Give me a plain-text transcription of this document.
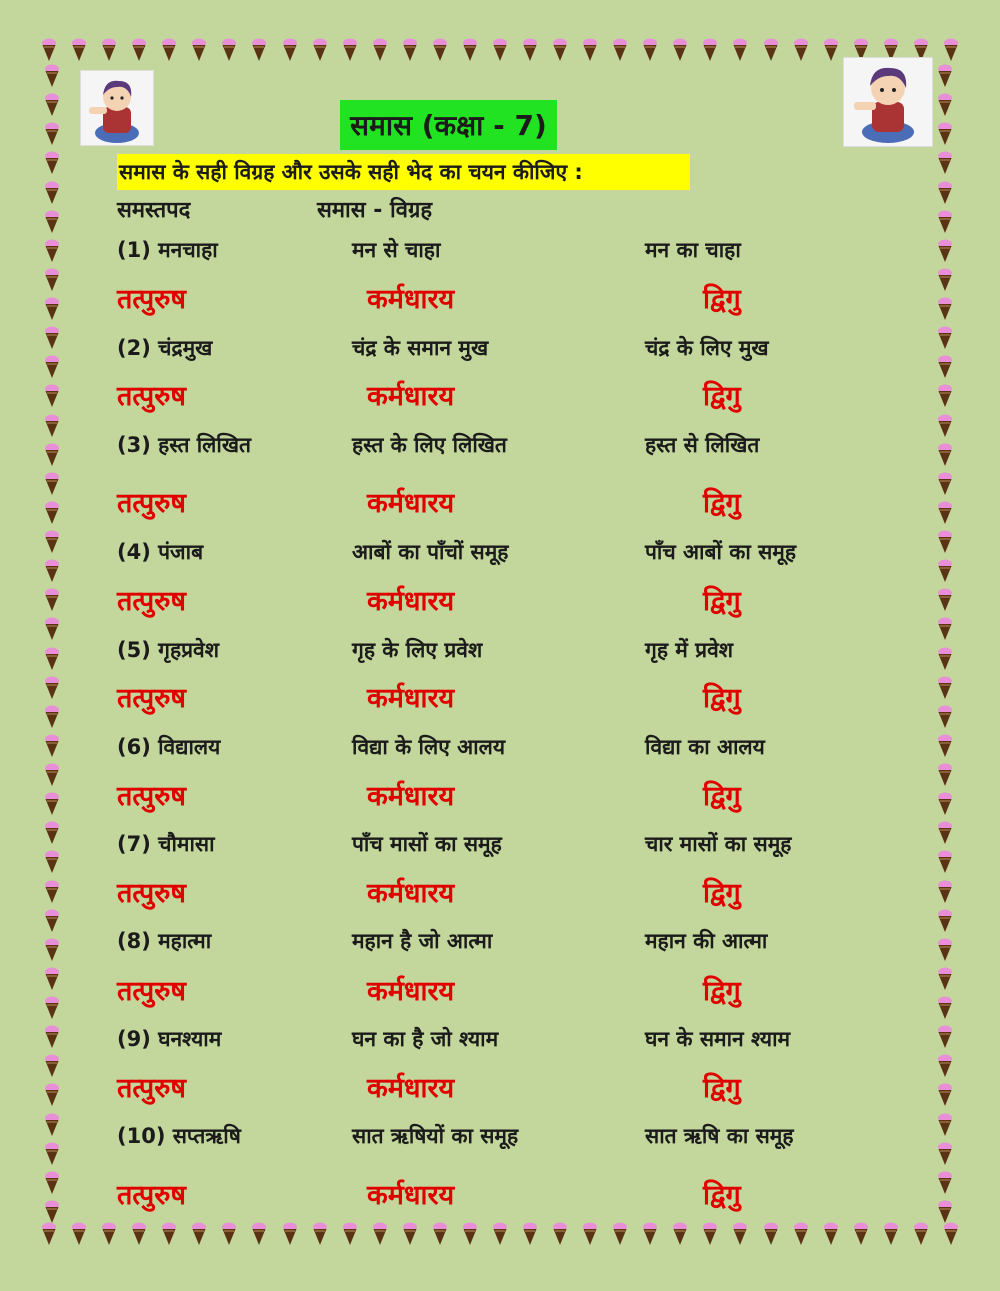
समास (कक्षा - 7)
समास के सही विग्रह और उसके सही भेद का चयन कीजिए :
समस्तपद	समास - विग्रह
(1) मनचाहा	मन से चाहा	मन का चाहा
तत्पुरुष	कर्मधारय	द्विगु
(2) चंद्रमुख	चंद्र के समान मुख	चंद्र के लिए मुख
तत्पुरुष	कर्मधारय	द्विगु
(3) हस्त लिखित	हस्त के लिए लिखित	हस्त से लिखित
तत्पुरुष	कर्मधारय	द्विगु
(4) पंजाब	आबों का पाँचों समूह	पाँच आबों का समूह
तत्पुरुष	कर्मधारय	द्विगु
(5) गृहप्रवेश	गृह के लिए प्रवेश	गृह में प्रवेश
तत्पुरुष	कर्मधारय	द्विगु
(6) विद्यालय	विद्या के लिए आलय	विद्या का आलय
तत्पुरुष	कर्मधारय	द्विगु
(7) चौमासा	पाँच मासों का समूह	चार मासों का समूह
तत्पुरुष	कर्मधारय	द्विगु
(8) महात्मा	महान है जो आत्मा	महान की आत्मा
तत्पुरुष	कर्मधारय	द्विगु
(9) घनश्याम	घन का है जो श्याम	घन के समान श्याम
तत्पुरुष	कर्मधारय	द्विगु
(10) सप्तऋषि	सात ऋषियों का समूह	सात ऋषि का समूह
तत्पुरुष	कर्मधारय	द्विगु
